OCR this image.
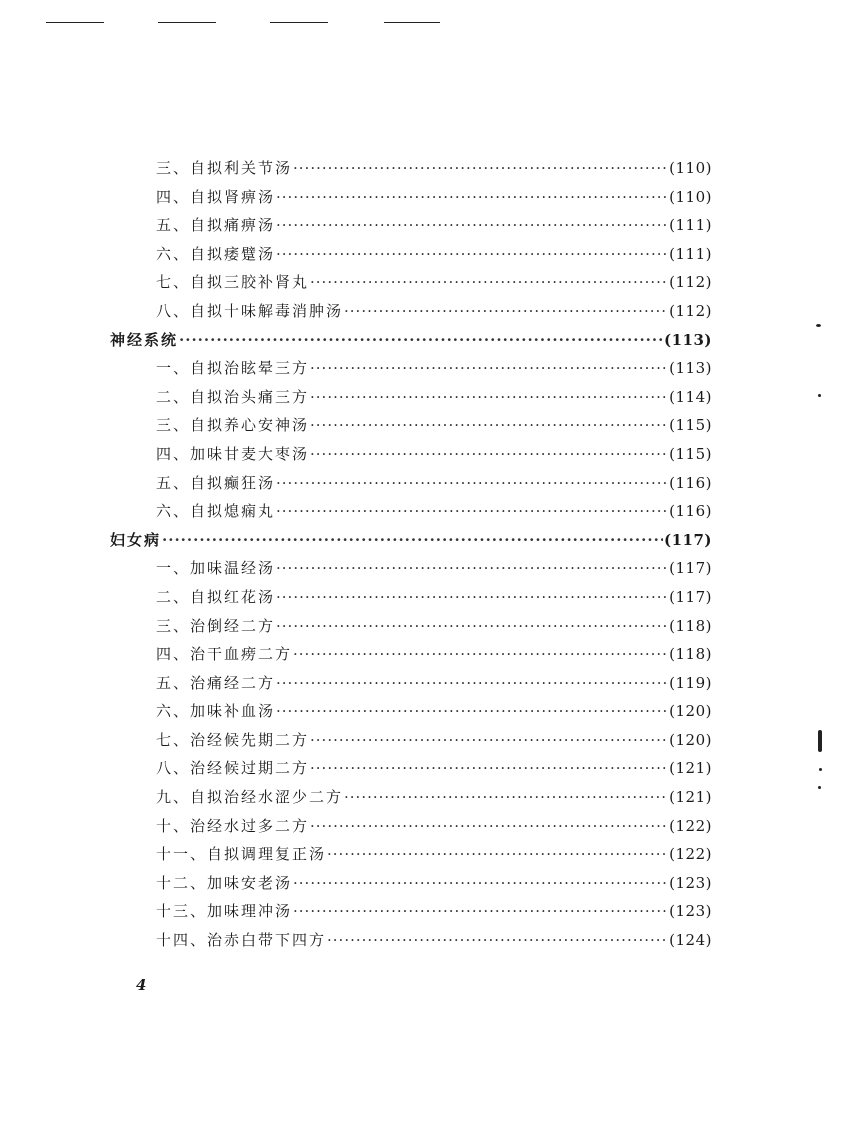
三、自拟利关节汤 ·····	(110)
四、自拟肾痹汤 ·····	(110)
五、自拟痛痹汤 ·····	(111)
六、自拟痿躄汤 ·····	(111)
七、自拟三胶补肾丸 ·····	(112)
八、自拟十味解毒消肿汤 ·····	(112)
神经系统 ·····	(113)
一、自拟治眩晕三方 ·····	(113)
二、自拟治头痛三方 ·····	(114)
三、自拟养心安神汤 ·····	(115)
四、加味甘麦大枣汤 ·····	(115)
五、自拟癫狂汤 ·····	(116)
六、自拟熄痫丸 ·····	(116)
妇女病 ·····	(117)
一、加味温经汤 ·····	(117)
二、自拟红花汤 ·····	(117)
三、治倒经二方 ·····	(118)
四、治干血痨二方 ·····	(118)
五、治痛经二方 ·····	(119)
六、加味补血汤 ·····	(120)
七、治经候先期二方 ·····	(120)
八、治经候过期二方 ·····	(121)
九、自拟治经水涩少二方 ·····	(121)
十、治经水过多二方 ·····	(122)
十一、自拟调理复正汤 ·····	(122)
十二、加味安老汤 ·····	(123)
十三、加味理冲汤 ·····	(123)
十四、治赤白带下四方 ·····	(124)
4
